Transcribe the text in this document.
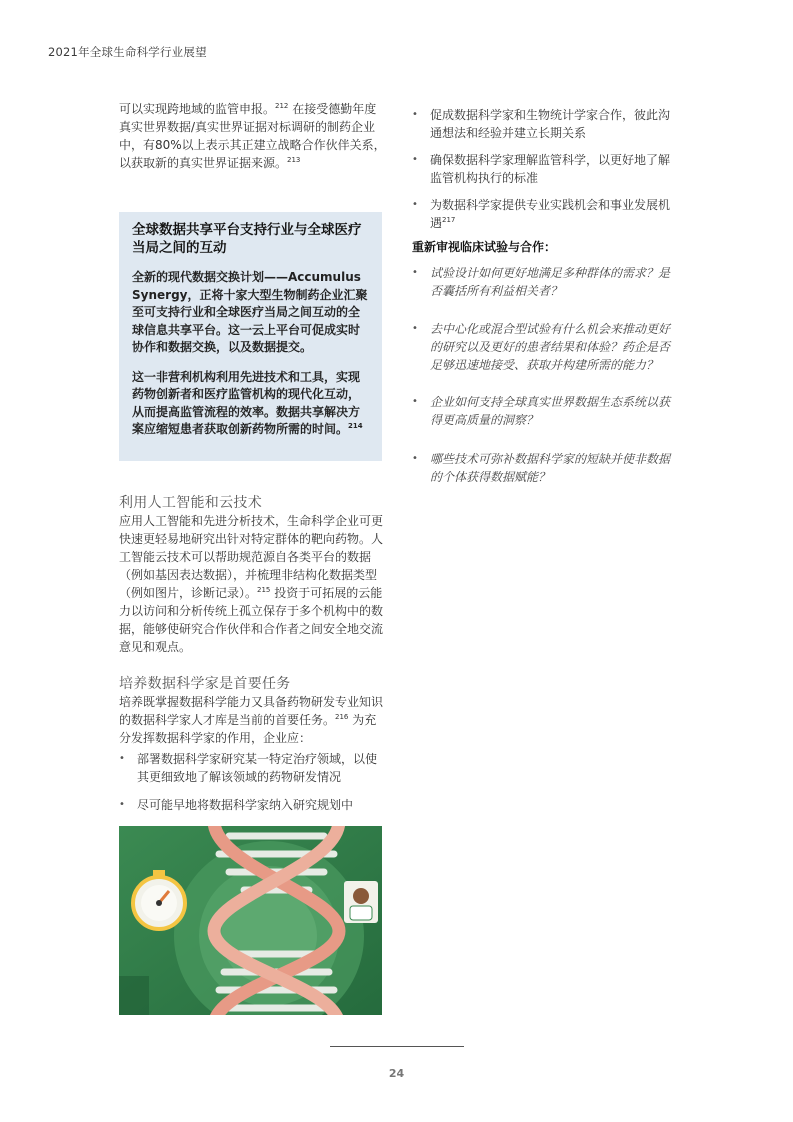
2021年全球生命科学行业展望

可以实现跨地域的监管申报。$^{212}$ 在接受德勤年度真实世界数据/真实世界证据对标调研的制药企业中，有80%以上表示其正建立战略合作伙伴关系，以获取新的真实世界证据来源。$^{213}$

全球数据共享平台支持行业与全球医疗当局之间的互动

全新的现代数据交换计划——Accumulus Synergy，正将十家大型生物制药企业汇聚至可支持行业和全球医疗当局之间互动的全球信息共享平台。这一云上平台可促成实时协作和数据交换，以及数据提交。

这一非营利机构利用先进技术和工具，实现药物创新者和医疗监管机构的现代化互动，从而提高监管流程的效率。数据共享解决方案应缩短患者获取创新药物所需的时间。$^{214}$

利用人工智能和云技术

应用人工智能和先进分析技术，生命科学企业可更快速更轻易地研究出针对特定群体的靶向药物。人工智能云技术可以帮助规范源自各类平台的数据（例如基因表达数据），并梳理非结构化数据类型（例如图片，诊断记录）。$^{215}$ 投资于可拓展的云能力以访问和分析传统上孤立保存于多个机构中的数据，能够使研究合作伙伴和合作者之间安全地交流意见和观点。

培养数据科学家是首要任务

培养既掌握数据科学能力又具备药物研发专业知识的数据科学家人才库是当前的首要任务。$^{216}$ 为充分发挥数据科学家的作用，企业应：

•	部署数据科学家研究某一特定治疗领域，以使其更细致地了解该领域的药物研发情况
•	尽可能早地将数据科学家纳入研究规划中
•	促成数据科学家和生物统计学家合作，彼此沟通想法和经验并建立长期关系
•	确保数据科学家理解监管科学，以更好地了解监管机构执行的标准
•	为数据科学家提供专业实践机会和事业发展机遇$^{217}$
重新审视临床试验与合作：
•	试验设计如何更好地满足多种群体的需求？是否囊括所有利益相关者？
•	去中心化或混合型试验有什么机会来推动更好的研究以及更好的患者结果和体验？药企是否足够迅速地接受、获取并构建所需的能力？
•	企业如何支持全球真实世界数据生态系统以获得更高质量的洞察？
•	哪些技术可弥补数据科学家的短缺并使非数据的个体获得数据赋能？
24
